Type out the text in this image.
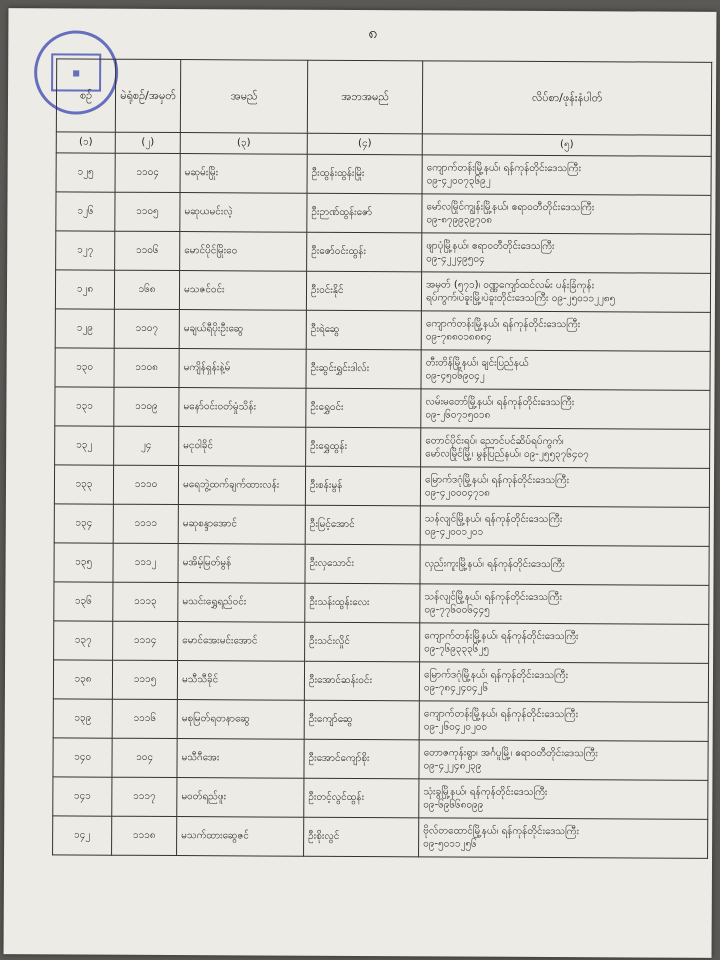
၈
■
စဉ်	မဲရုံစဉ်/အမှတ်	အမည်	အဘအမည်	လိပ်စာ/ဖုန်းနံပါတ်
(၁)	(၂)	(၃)	(၄)	(၅)
၁၂၅	၁၁၀၄	မဆုမ်းမြိုး	ဦးထွန်းထွန်းမြိုး	ကျောက်တန်းမြို့နယ်၊ ရန်ကုန်တိုင်းဒေသကြီး
၀၉-၄၂၀၀၇၃၆၉၂

၁၂၆	၁၁၀၅	မဆုယမင်းလဲ့	ဦးဉာဏ်ထွန်းဇော်	မော်လမြိုင်ကျွန်းမြို့နယ်၊ ဧရာဝတီတိုင်းဒေသကြီး
၀၉-၈၇၉၉၃၉၇၀၈

၁၂၇	၁၁၀၆	မောင်ပိုင်မြိုးဝေ	ဦးဇော်ဝင်းထွန်း	ဖျာပုံမြို့နယ်၊ ဧရာဝတီတိုင်းဒေသကြီး
၀၉-၄၂၂၄၉၅၀၄

၁၂၈	၁၆၈	မသဇင်ဝင်း	ဦးဝင်းနိုင်	အမှတ် (၅၇၁)၊ ဝဏ္ဏကျော်ထင်လမ်း ပန်းခြံကုန်း
ရပ်ကွက်၊ပဲခူးမြို့၊ပဲခူးတိုင်းဒေသကြီး ၀၉-၂၅၀၁၁၂၂၈၅

၁၂၉	၁၁၀၇	မချယ်ရီပိုးဦးဆွေ	ဦးရဲဆွေ	ကျောက်တန်းမြို့နယ်၊ ရန်ကုန်တိုင်းဒေသကြီး
၀၉-၇၈၈၀၁၈၈၈၄

၁၃၀	၁၁၀၈	မကျိန်ရှန်းနဲ့မ်	ဦးဆွင်းရွှင်းဒါလ်း	တီးတိန်မြို့နယ်၊ ချင်းပြည်နယ်
၀၉-၄၅၀၆၉၀၄၂

၁၃၁	၁၁၀၉	မနော်ဝင်းဝတ်မှုံသိန်း	ဦးရွှေဝင်း	လမ်းမတော်မြို့နယ်၊ ရန်ကုန်တိုင်းဒေသကြီး
၀၉-၂၆၀၇၁၅၀၁၈

၁၃၂	၂၄	မငုဝါခိုင်	ဦးရွှေထွန်း	တောင်ပိုင်းရပ်၊ ညောင်ပင်ဆိပ်ရပ်ကွက်၊
မော်လမြိုင်မြို့၊ မွန်ပြည်နယ်၊ ၀၉-၂၅၅၃၇၆၄၀၇

၁၃၃	၁၁၁၀	မရေဘွဲ့ထက်ချက်ထားလန်း	ဦးစန်းမွန်	မြောက်ဒဂုံမြို့နယ်၊ ရန်ကုန်တိုင်းဒေသကြီး
၀၉-၄၂၀၀၀၄၇၁၈

၁၃၄	၁၁၁၁	မဆုစန္ဒာအောင်	ဦးမြင့်အောင်	သန်လျင်မြို့နယ်၊ ရန်ကုန်တိုင်းဒေသကြီး
၀၉-၄၂၀၀၁၂၀၁

၁၃၅	၁၁၁၂	မအိမ့်မြတ်မွန်	ဦးလှသောင်း	လှည်းကူးမြို့နယ်၊ ရန်ကုန်တိုင်းဒေသကြီး

၁၃၆	၁၁၁၃	မသင်းရွှေရည်ဝင်း	ဦးသန်းထွန်းလေး	သန်လျင်မြို့နယ်၊ ရန်ကုန်တိုင်းဒေသကြီး
၀၉-၇၇၆၀၀၆၄၄၅

၁၃၇	၁၁၁၄	မောင်အေးမင်းအောင်	ဦးသင်းလှိုင်	ကျောက်တန်းမြို့နယ်၊ ရန်ကုန်တိုင်းဒေသကြီး
၀၉-၇၆၉၃၃၃၆၂၅

၁၃၈	၁၁၁၅	မသီသီခိုင်	ဦးအောင်ဆန်းဝင်း	မြောက်ဒဂုံမြို့နယ်၊ ရန်ကုန်တိုင်းဒေသကြီး
၀၉-၇၈၄၂၄၀၄၂၆

၁၃၉	၁၁၁၆	မစုမြတ်ရတနာဆွေ	ဦးကျော်ဆွေ	ကျောက်တန်းမြို့နယ်၊ ရန်ကုန်တိုင်းဒေသကြီး
၀၉-၂၆၀၄၂၀၂၀၀

၁၄၀	၁၀၄	မသီဂီအေး	ဦးအောင်ကျော်စိုး	တောဇကုန်းရွာ၊ အင်္ဂပူမြို့၊ ဧရာဝတီတိုင်းဒေသကြီး
၀၉-၄၂၂၄၈၂၃၉

၁၄၁	၁၁၁၇	မဝတ်ရည်ဖူး	ဦးတင့်လွင်ထွန်း	သုံးခွမြို့နယ်၊ ရန်ကုန်တိုင်းဒေသကြီး
၀၉-၆၉၆၆၈၀၉၉

၁၄၂	၁၁၁၈	မသက်ထားဆွေဇင်	ဦးစိုးလွင်	ဗိုလ်တထောင်မြို့နယ်၊ ရန်ကုန်တိုင်းဒေသကြီး
၀၉-၅၀၁၁၂၅၆
